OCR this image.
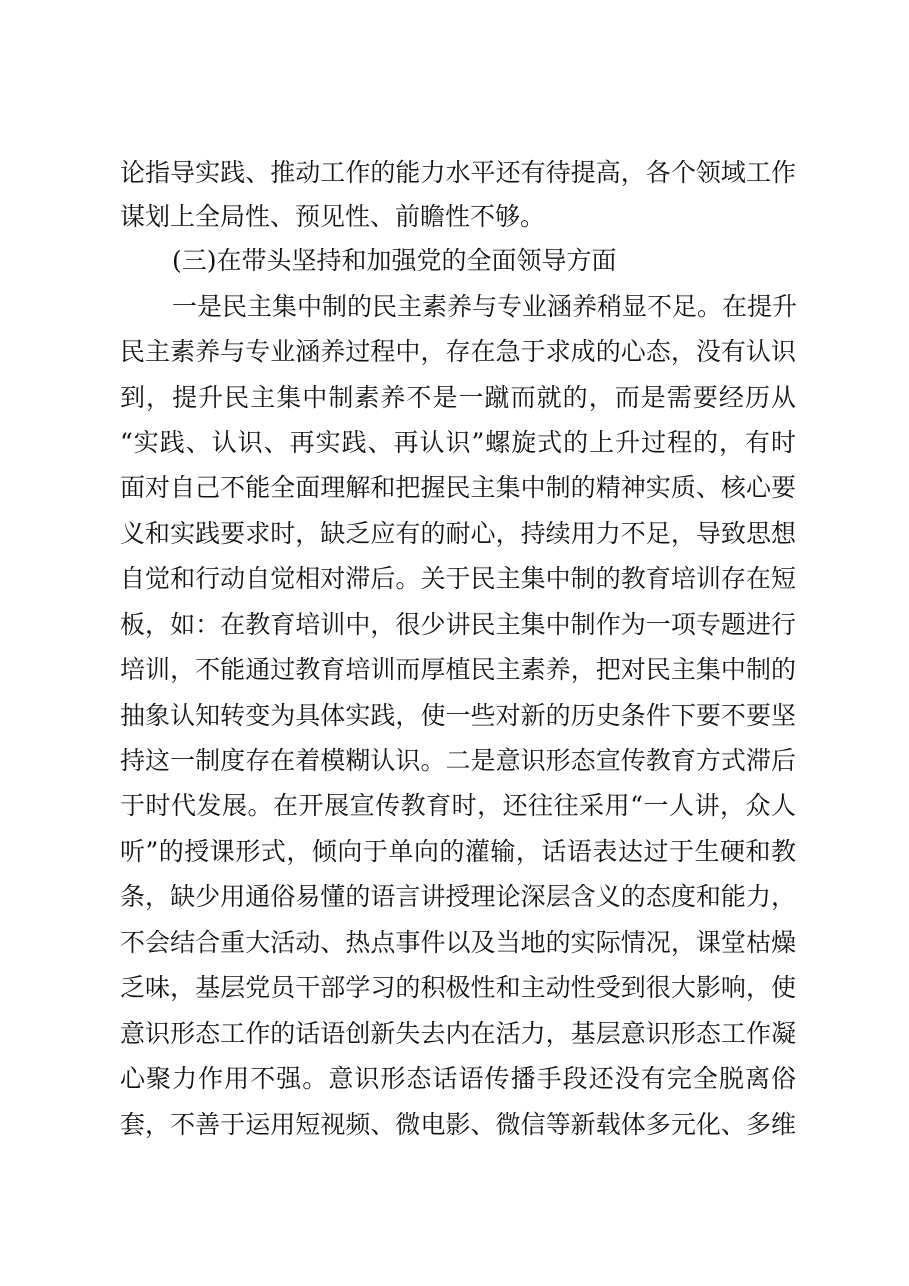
论指导实践、推动工作的能力水平还有待提高，各个领域工作
谋划上全局性、预见性、前瞻性不够。
(三)在带头坚持和加强党的全面领导方面
一是民主集中制的民主素养与专业涵养稍显不足。在提升
民主素养与专业涵养过程中，存在急于求成的心态，没有认识
到，提升民主集中制素养不是一蹴而就的，而是需要经历从
“实践、认识、再实践、再认识”螺旋式的上升过程的，有时
面对自己不能全面理解和把握民主集中制的精神实质、核心要
义和实践要求时，缺乏应有的耐心，持续用力不足，导致思想
自觉和行动自觉相对滞后。关于民主集中制的教育培训存在短
板，如：在教育培训中，很少讲民主集中制作为一项专题进行
培训，不能通过教育培训而厚植民主素养，把对民主集中制的
抽象认知转变为具体实践，使一些对新的历史条件下要不要坚
持这一制度存在着模糊认识。二是意识形态宣传教育方式滞后
于时代发展。在开展宣传教育时，还往往采用“一人讲，众人
听”的授课形式，倾向于单向的灌输，话语表达过于生硬和教
条，缺少用通俗易懂的语言讲授理论深层含义的态度和能力，
不会结合重大活动、热点事件以及当地的实际情况，课堂枯燥
乏味，基层党员干部学习的积极性和主动性受到很大影响，使
意识形态工作的话语创新失去内在活力，基层意识形态工作凝
心聚力作用不强。意识形态话语传播手段还没有完全脱离俗
套，不善于运用短视频、微电影、微信等新载体多元化、多维
